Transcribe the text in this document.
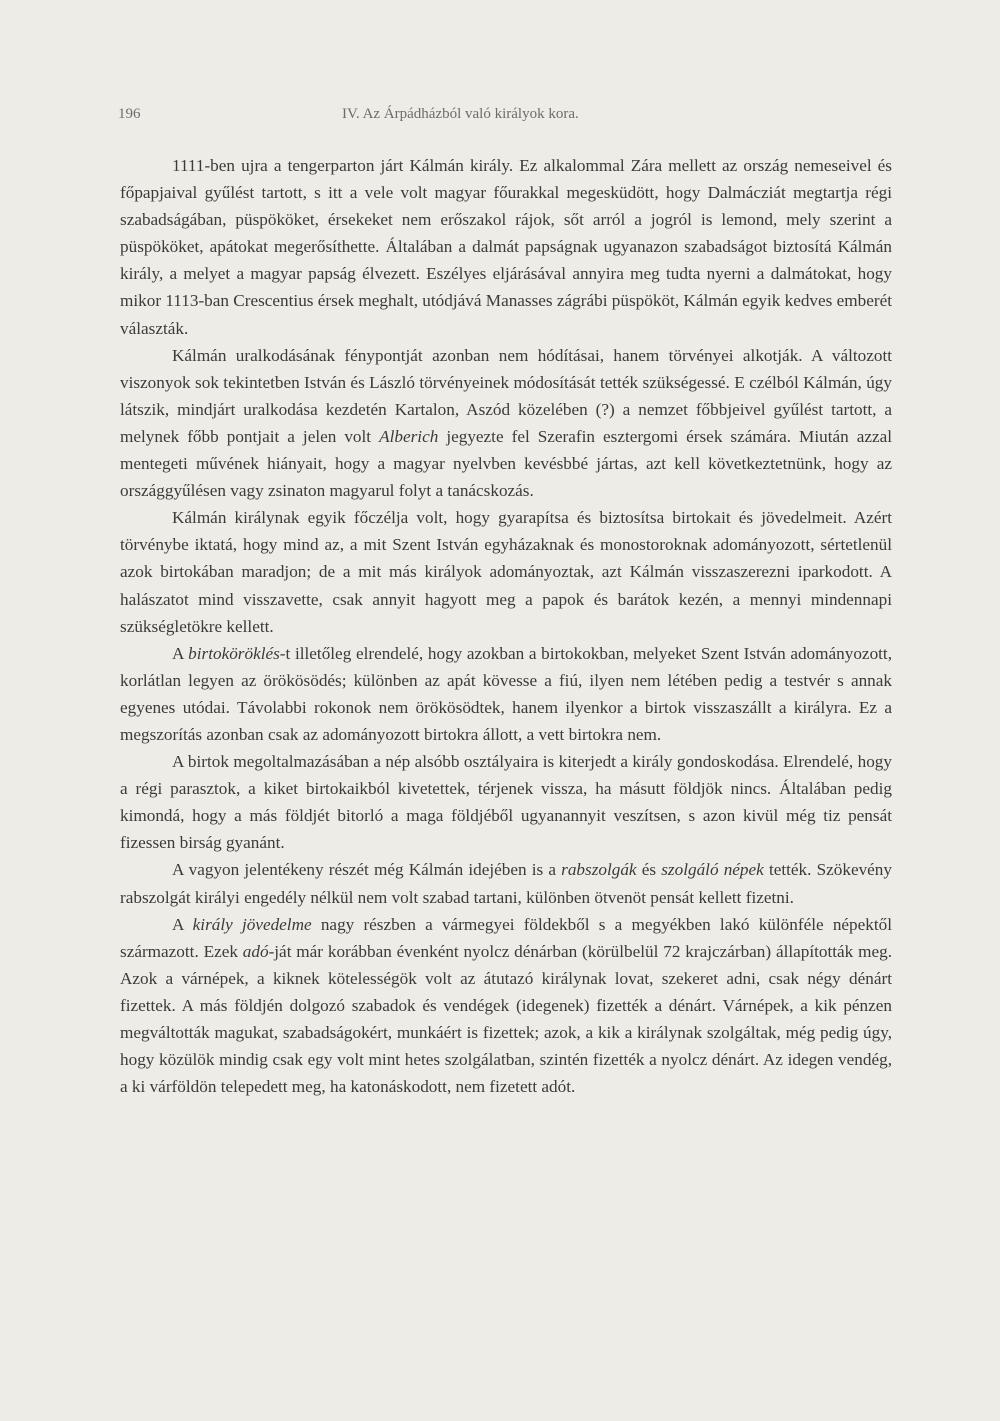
196	IV. Az Árpádházból való királyok kora.

1111-ben ujra a tengerparton járt Kálmán király. Ez alkalommal Zára mellett az ország nemeseivel és főpapjaival gyűlést tartott, s itt a vele volt magyar főurakkal megesküdött, hogy Dalmácziát megtartja régi szabadságában, püspököket, érsekeket nem erőszakol rájok, sőt arról a jogról is lemond, mely szerint a püspököket, apátokat megerősíthette. Általában a dalmát papságnak ugyanazon szabadságot biztosítá Kálmán király, a melyet a magyar papság élvezett. Eszélyes eljárásával annyira meg tudta nyerni a dalmátokat, hogy mikor 1113-ban Crescentius érsek meghalt, utódjává Manasses zágrábi püspököt, Kálmán egyik kedves emberét választák.

Kálmán uralkodásának fénypontját azonban nem hódításai, hanem törvényei alkotják. A változott viszonyok sok tekintetben István és László törvényeinek módosítását tették szükségessé. E czélból Kálmán, úgy látszik, mindjárt uralkodása kezdetén Kartalon, Aszód közelében (?) a nemzet főbbjeivel gyűlést tartott, a melynek főbb pontjait a jelen volt Alberich jegyezte fel Szerafin esztergomi érsek számára. Miután azzal mentegeti művének hiányait, hogy a magyar nyelvben kevésbbé jártas, azt kell következtetnünk, hogy az országgyűlésen vagy zsinaton magyarul folyt a tanácskozás.

Kálmán királynak egyik főczélja volt, hogy gyarapítsa és biztosítsa birtokait és jövedelmeit. Azért törvénybe iktatá, hogy mind az, a mit Szent István egyházaknak és monostoroknak adományozott, sértetlenül azok birtokában maradjon; de a mit más királyok adományoztak, azt Kálmán visszaszerezni iparkodott. A halászatot mind visszavette, csak annyit hagyott meg a papok és barátok kezén, a mennyi mindennapi szükségletökre kellett.

A birtoköröklés-t illetőleg elrendelé, hogy azokban a birtokokban, melyeket Szent István adományozott, korlátlan legyen az örökösödés; különben az apát kövesse a fiú, ilyen nem létében pedig a testvér s annak egyenes utódai. Távolabbi rokonok nem örökösödtek, hanem ilyenkor a birtok visszaszállt a királyra. Ez a megszorítás azonban csak az adományozott birtokra állott, a vett birtokra nem.

A birtok megoltalmazásában a nép alsóbb osztályaira is kiterjedt a király gondoskodása. Elrendelé, hogy a régi parasztok, a kiket birtokaikból kivetettek, térjenek vissza, ha másutt földjök nincs. Általában pedig kimondá, hogy a más földjét bitorló a maga földjéből ugyanannyit veszítsen, s azon kivül még tiz pensát fizessen birság gyanánt.

A vagyon jelentékeny részét még Kálmán idejében is a rabszolgák és szolgáló népek tették. Szökevény rabszolgát királyi engedély nélkül nem volt szabad tartani, különben ötvenöt pensát kellett fizetni.

A király jövedelme nagy részben a vármegyei földekből s a megyékben lakó különféle népektől származott. Ezek adó-ját már korábban évenként nyolcz dénárban (körülbelül 72 krajczárban) állapították meg. Azok a várnépek, a kiknek kötelességök volt az átutazó királynak lovat, szekeret adni, csak négy dénárt fizettek. A más földjén dolgozó szabadok és vendégek (idegenek) fizették a dénárt. Várnépek, a kik pénzen megváltották magukat, szabadságokért, munkáért is fizettek; azok, a kik a királynak szolgáltak, még pedig úgy, hogy közülök mindig csak egy volt mint hetes szolgálatban, szintén fizették a nyolcz dénárt. Az idegen vendég, a ki várföldön telepedett meg, ha katonáskodott, nem fizetett adót.
